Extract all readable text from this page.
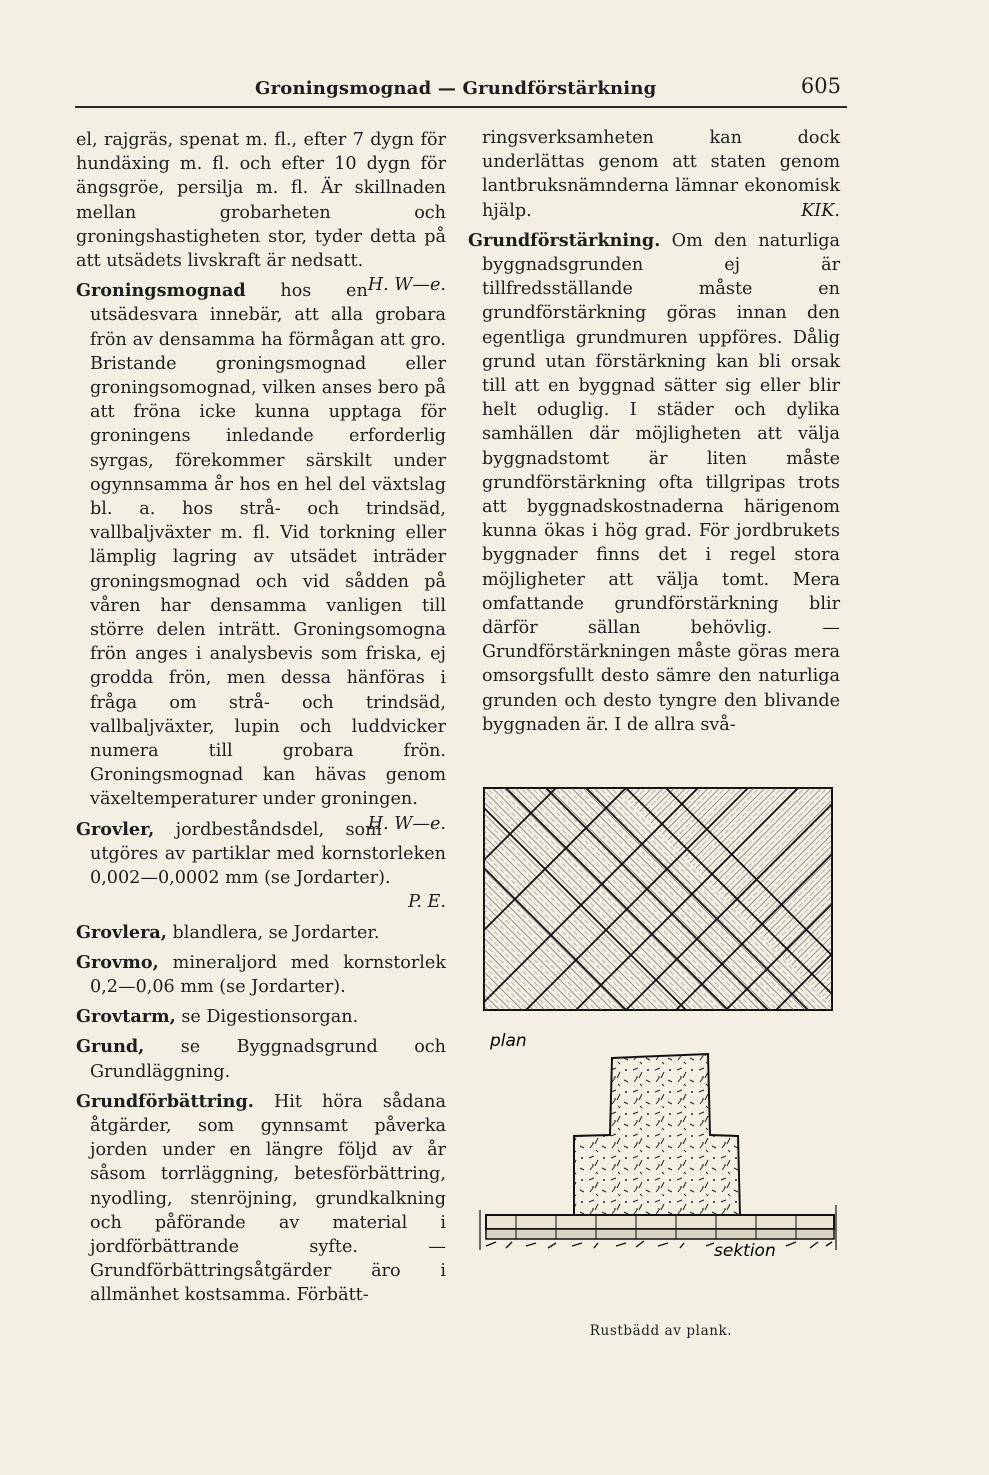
Groningsmognad — Grundförstärkning	605

el, rajgräs, spenat m. fl., efter 7 dygn för hundäxing m. fl. och efter 10 dygn för ängsgröe, persilja m. fl. Är skillnaden mellan grobarheten och groningshastigheten stor, tyder detta på att utsädets livskraft är nedsatt.
H. W—e.

Groningsmognad hos en utsädesvara innebär, att alla grobara frön av densamma ha förmågan att gro. Bristande groningsmognad eller groningsomognad, vilken anses bero på att fröna icke kunna upptaga för groningens inledande erforderlig syrgas, förekommer särskilt under ogynnsamma år hos en hel del växtslag bl. a. hos strå- och trindsäd, vallbaljväxter m. fl. Vid torkning eller lämplig lagring av utsädet inträder groningsmognad och vid sådden på våren har densamma vanligen till större delen inträtt. Groningsomogna frön anges i analysbevis som friska, ej grodda frön, men dessa hänföras i fråga om strå- och trindsäd, vallbaljväxter, lupin och luddvicker numera till grobara frön. Groningsmognad kan hävas genom växeltemperaturer under groningen.
H. W—e.

Grovler, jordbeståndsdel, som utgöres av partiklar med kornstorleken 0,002—0,0002 mm (se Jordarter).
P. E.

Grovlera, blandlera, se Jordarter.

Grovmo, mineraljord med kornstorlek 0,2—0,06 mm (se Jordarter).

Grovtarm, se Digestionsorgan.

Grund, se Byggnadsgrund och Grundläggning.

Grundförbättring. Hit höra sådana åtgärder, som gynnsamt påverka jorden under en längre följd av år såsom torrläggning, betesförbättring, nyodling, stenröjning, grundkalkning och påförande av material i jordförbättrande syfte. — Grundförbättringsåtgärder äro i allmänhet kostsamma. Förbätt-

ringsverksamheten kan dock underlättas genom att staten genom lantbruksnämnderna lämnar ekonomisk hjälp.	KIK.

Grundförstärkning. Om den naturliga byggnadsgrunden ej är tillfredsställande måste en grundförstärkning göras innan den egentliga grundmuren uppföres. Dålig grund utan förstärkning kan bli orsak till att en byggnad sätter sig eller blir helt oduglig. I städer och dylika samhällen där möjligheten att välja byggnadstomt är liten måste grundförstärkning ofta tillgripas trots att byggnadskostnaderna härigenom kunna ökas i hög grad. För jordbrukets byggnader finns det i regel stora möjligheter att välja tomt. Mera omfattande grundförstärkning blir därför sällan behövlig. — Grundförstärkningen måste göras mera omsorgsfullt desto sämre den naturliga grunden och desto tyngre den blivande byggnaden är. I de allra svå-

plan
sektion
Rustbädd av plank.
